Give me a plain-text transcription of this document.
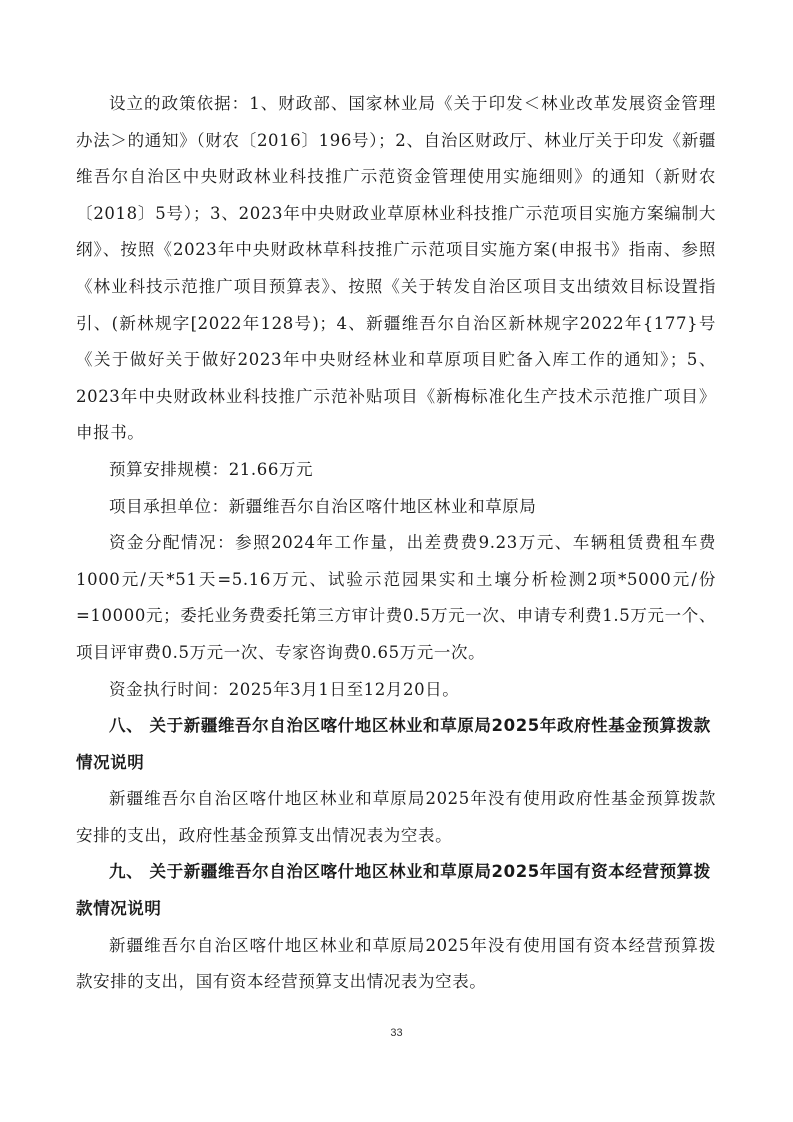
设立的政策依据：1、财政部、国家林业局《关于印发＜林业改革发展资金管理办法＞的通知》（财农〔2016〕196号）；2、自治区财政厅、林业厅关于印发《新疆维吾尔自治区中央财政林业科技推广示范资金管理使用实施细则》的通知（新财农〔2018〕5号）；3、2023年中央财政业草原林业科技推广示范项目实施方案编制大纲》、按照《2023年中央财政林草科技推广示范项目实施方案(申报书》指南、参照《林业科技示范推广项目预算表》、按照《关于转发自治区项目支出绩效目标设置指引、(新林规字[2022年128号)；4、新疆维吾尔自治区新林规字2022年{177}号《关于做好关于做好2023年中央财经林业和草原项目贮备入库工作的通知》；5、2023年中央财政林业科技推广示范补贴项目《新梅标准化生产技术示范推广项目》申报书。

预算安排规模：21.66万元

项目承担单位：新疆维吾尔自治区喀什地区林业和草原局

资金分配情况：参照2024年工作量，出差费费9.23万元、车辆租赁费租车费1000元/天*51天=5.16万元、试验示范园果实和土壤分析检测2项*5000元/份=10000元；委托业务费委托第三方审计费0.5万元一次、申请专利费1.5万元一个、项目评审费0.5万元一次、专家咨询费0.65万元一次。

资金执行时间：2025年3月1日至12月20日。

八、 关于新疆维吾尔自治区喀什地区林业和草原局2025年政府性基金预算拨款情况说明

新疆维吾尔自治区喀什地区林业和草原局2025年没有使用政府性基金预算拨款安排的支出，政府性基金预算支出情况表为空表。

九、 关于新疆维吾尔自治区喀什地区林业和草原局2025年国有资本经营预算拨款情况说明

新疆维吾尔自治区喀什地区林业和草原局2025年没有使用国有资本经营预算拨款安排的支出，国有资本经营预算支出情况表为空表。

33
